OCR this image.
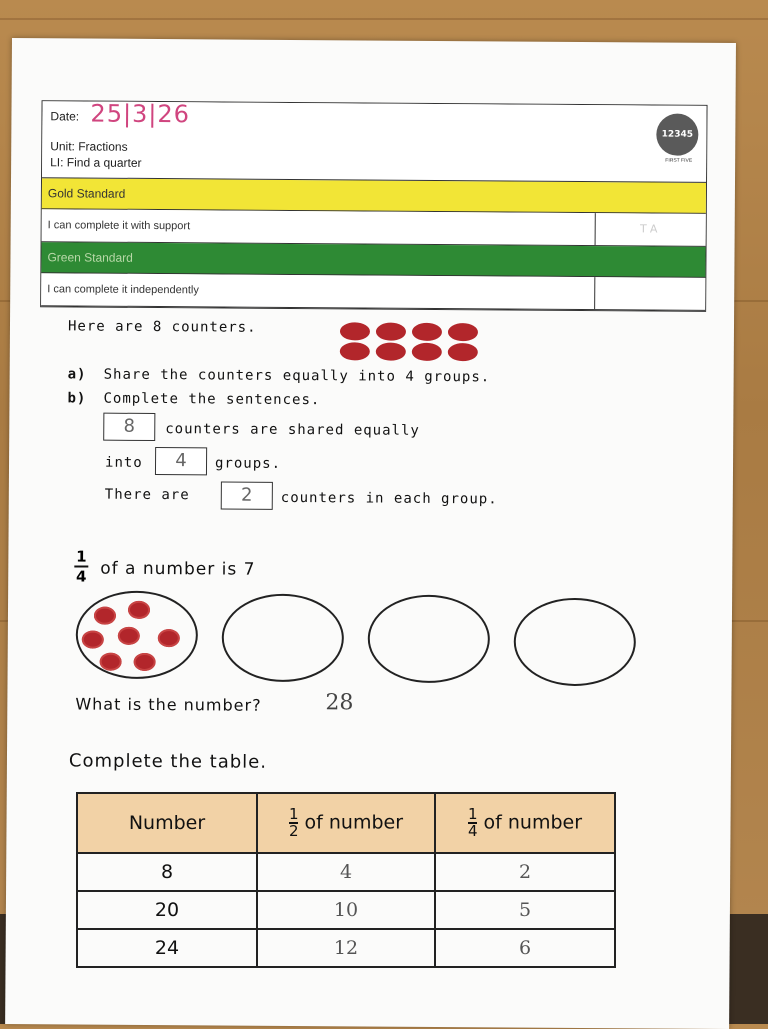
Date: 25|3|26
Unit: Fractions
LI: Find a quarter
12345
FIRST FIVE
Gold Standard
I can complete it with support	TA
Green Standard
I can complete it independently
Here are 8 counters.
a) Share the counters equally into 4 groups.
b) Complete the sentences.
8	counters are shared equally
into	4	groups.
There are	2	counters in each group.
1
4 of a number is 7
What is the number?	28
Complete the table.
Number	$\frac{1}{2}$ of number	$\frac{1}{4}$ of number
8	4	2
20	10	5
24	12	6
